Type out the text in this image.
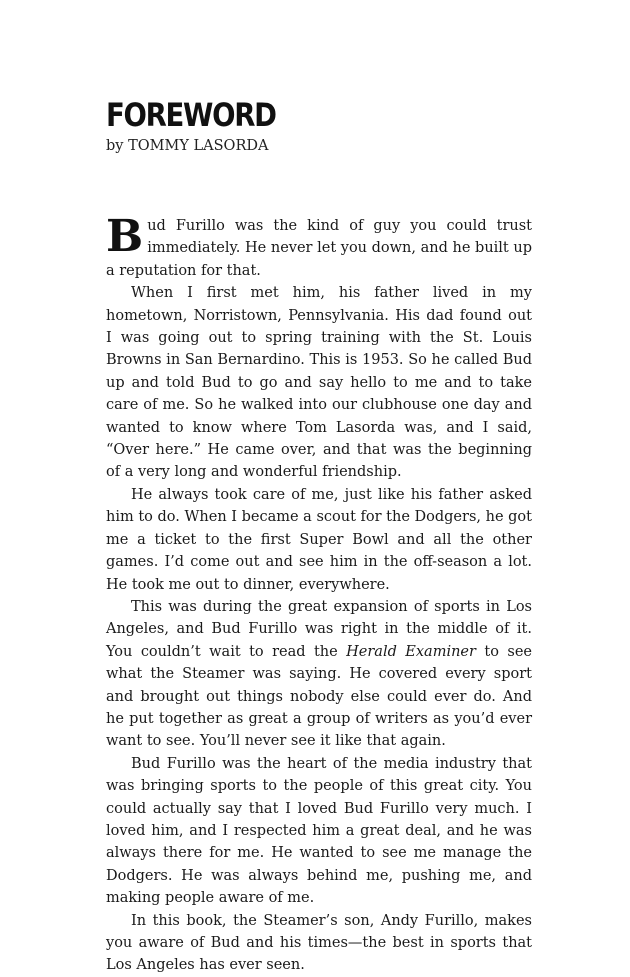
FOREWORD
by TOMMY LASORDA

Bud Furillo was the kind of guy you could trust immediately. He never let you down, and he built up a reputation for that.

When I first met him, his father lived in my hometown, Norristown, Pennsylvania. His dad found out I was going out to spring training with the St. Louis Browns in San Bernardino. This is 1953. So he called Bud up and told Bud to go and say hello to me and to take care of me. So he walked into our clubhouse one day and wanted to know where Tom Lasorda was, and I said, “Over here.” He came over, and that was the beginning of a very long and wonderful friendship.

He always took care of me, just like his father asked him to do. When I became a scout for the Dodgers, he got me a ticket to the first Super Bowl and all the other games. I’d come out and see him in the off-season a lot. He took me out to dinner, everywhere.

This was during the great expansion of sports in Los Angeles, and Bud Furillo was right in the middle of it. You couldn’t wait to read the Herald Examiner to see what the Steamer was saying. He covered every sport and brought out things nobody else could ever do. And he put together as great a group of writers as you’d ever want to see. You’ll never see it like that again.

Bud Furillo was the heart of the media industry that was bringing sports to the people of this great city. You could actually say that I loved Bud Furillo very much. I loved him, and I respected him a great deal, and he was always there for me. He wanted to see me manage the Dodgers. He was always behind me, pushing me, and making people aware of me.

In this book, the Steamer’s son, Andy Furillo, makes you aware of Bud and his times—the best in sports that Los Angeles has ever seen.
